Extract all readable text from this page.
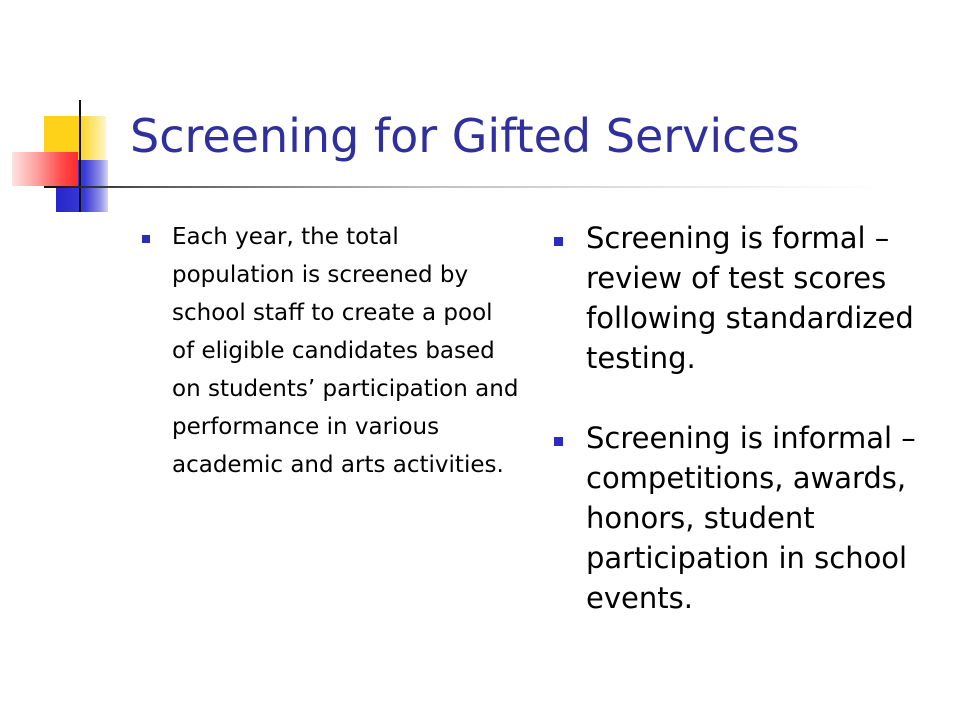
Screening for Gifted Services
Each year, the total population is screened by school staff to create a pool of eligible candidates based on students’ participation and performance in various academic and arts activities.
Screening is formal – review of test scores following standardized testing.
Screening is informal – competitions, awards, honors, student participation in school events.
